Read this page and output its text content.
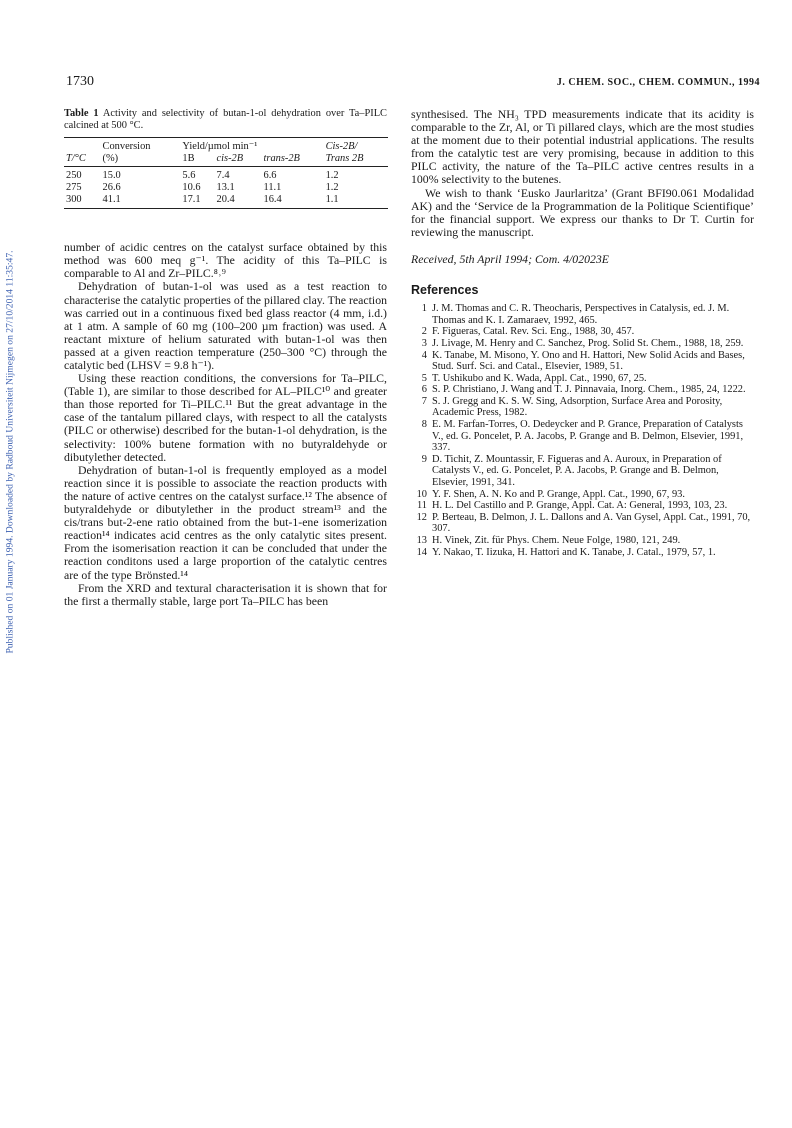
Published on 01 January 1994. Downloaded by Radboud Universiteit Nijmegen on 27/10/2014 11:35:47.
1730	J. CHEM. SOC., CHEM. COMMUN., 1994

Table 1 Activity and selectivity of butan-1-ol dehydration over Ta–PILC calcined at 500 °C.

	Conversion	Yield/µmol min⁻¹			Cis-2B/
T/°C	(%)	1B	cis-2B	trans-2B	Trans 2B
250	15.0	5.6	7.4	6.6	1.2
275	26.6	10.6	13.1	11.1	1.2
300	41.1	17.1	20.4	16.4	1.1

number of acidic centres on the catalyst surface obtained by this method was 600 meq g⁻¹. The acidity of this Ta–PILC is comparable to Al and Zr–PILC.⁸˒⁹

Dehydration of butan-1-ol was used as a test reaction to characterise the catalytic properties of the pillared clay. The reaction was carried out in a continuous fixed bed glass reactor (4 mm, i.d.) at 1 atm. A sample of 60 mg (100–200 µm fraction) was used. A reactant mixture of helium saturated with butan-1-ol was then passed at a given reaction temperature (250–300 °C) through the catalytic bed (LHSV = 9.8 h⁻¹).

Using these reaction conditions, the conversions for Ta–PILC, (Table 1), are similar to those described for AL–PILC¹⁰ and greater than those reported for Ti–PILC.¹¹ But the great advantage in the case of the tantalum pillared clays, with respect to all the catalysts (PILC or otherwise) described for the butan-1-ol dehydration, is the selectivity: 100% butene formation with no butyraldehyde or dibutylether detected.

Dehydration of butan-1-ol is frequently employed as a model reaction since it is possible to associate the reaction products with the nature of active centres on the catalyst surface.¹² The absence of butyraldehyde or dibutylether in the product stream¹³ and the cis/trans but-2-ene ratio obtained from the but-1-ene isomerization reaction¹⁴ indicates acid centres as the only catalytic sites present. From the isomerisation reaction it can be concluded that under the reaction conditons used a large proportion of the catalytic centres are of the type Brönsted.¹⁴

From the XRD and textural characterisation it is shown that for the first a thermally stable, large port Ta–PILC has been

synthesised. The NH₃ TPD measurements indicate that its acidity is comparable to the Zr, Al, or Ti pillared clays, which are the most studies at the moment due to their potential industrial applications. The results from the catalytic test are very promising, because in addition to this PILC activity, the nature of the Ta–PILC active centres results in a 100% selectivity to the butenes.

We wish to thank ‘Eusko Jaurlaritza’ (Grant BFI90.061 Modalidad AK) and the ‘Service de la Programmation de la Politique Scientifique’ for the financial support. We express our thanks to Dr T. Curtin for reviewing the manuscript.

Received, 5th April 1994; Com. 4/02023E

References
1 J. M. Thomas and C. R. Theocharis, Perspectives in Catalysis, ed. J. M. Thomas and K. I. Zamaraev, 1992, 465.
2 F. Figueras, Catal. Rev. Sci. Eng., 1988, 30, 457.
3 J. Livage, M. Henry and C. Sanchez, Prog. Solid St. Chem., 1988, 18, 259.
4 K. Tanabe, M. Misono, Y. Ono and H. Hattori, New Solid Acids and Bases, Stud. Surf. Sci. and Catal., Elsevier, 1989, 51.
5 T. Ushikubo and K. Wada, Appl. Cat., 1990, 67, 25.
6 S. P. Christiano, J. Wang and T. J. Pinnavaia, Inorg. Chem., 1985, 24, 1222.
7 S. J. Gregg and K. S. W. Sing, Adsorption, Surface Area and Porosity, Academic Press, 1982.
8 E. M. Farfan-Torres, O. Dedeycker and P. Grance, Preparation of Catalysts V., ed. G. Poncelet, P. A. Jacobs, P. Grange and B. Delmon, Elsevier, 1991, 337.
9 D. Tichit, Z. Mountassir, F. Figueras and A. Auroux, in Preparation of Catalysts V., ed. G. Poncelet, P. A. Jacobs, P. Grange and B. Delmon, Elsevier, 1991, 341.
10 Y. F. Shen, A. N. Ko and P. Grange, Appl. Cat., 1990, 67, 93.
11 H. L. Del Castillo and P. Grange, Appl. Cat. A: General, 1993, 103, 23.
12 P. Berteau, B. Delmon, J. L. Dallons and A. Van Gysel, Appl. Cat., 1991, 70, 307.
13 H. Vinek, Zit. für Phys. Chem. Neue Folge, 1980, 121, 249.
14 Y. Nakao, T. Iizuka, H. Hattori and K. Tanabe, J. Catal., 1979, 57, 1.
